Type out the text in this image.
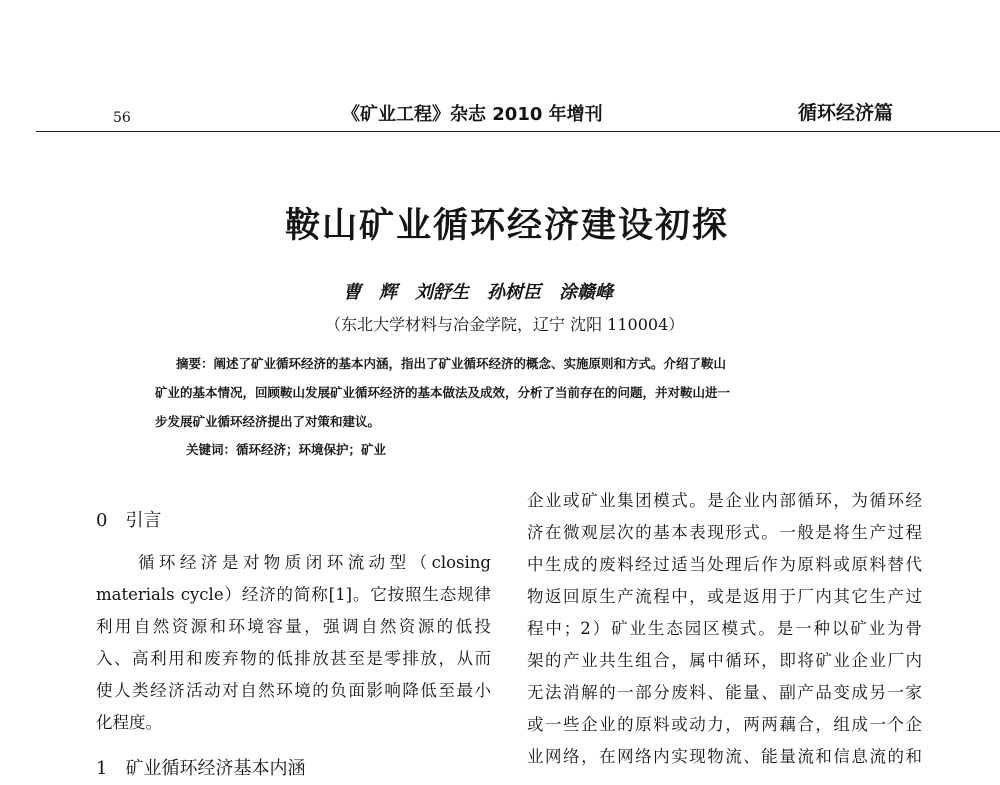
56	《矿业工程》杂志 2010 年增刊	循环经济篇
鞍山矿业循环经济建设初探
曹　辉　刘舒生　孙树臣　涂赣峰
（东北大学材料与冶金学院，辽宁 沈阳 110004）
摘要：阐述了矿业循环经济的基本内涵，指出了矿业循环经济的概念、实施原则和方式。介绍了鞍山
矿业的基本情况，回顾鞍山发展矿业循环经济的基本做法及成效，分析了当前存在的问题，并对鞍山进一
步发展矿业循环经济提出了对策和建议。
关键词：循环经济；环境保护；矿业
0　引言
　　循环经济是对物质闭环流动型（closing
materials cycle）经济的简称[1]。它按照生态规律
利用自然资源和环境容量，强调自然资源的低投
入、高利用和废弃物的低排放甚至是零排放，从而
使人类经济活动对自然环境的负面影响降低至最小
化程度。
1　矿业循环经济基本内涵
企业或矿业集团模式。是企业内部循环，为循环经
济在微观层次的基本表现形式。一般是将生产过程
中生成的废料经过适当处理后作为原料或原料替代
物返回原生产流程中，或是返用于厂内其它生产过
程中；2）矿业生态园区模式。是一种以矿业为骨
架的产业共生组合，属中循环，即将矿业企业厂内
无法消解的一部分废料、能量、副产品变成另一家
或一些企业的原料或动力，两两藕合，组成一个企
业网络，在网络内实现物流、能量流和信息流的和
